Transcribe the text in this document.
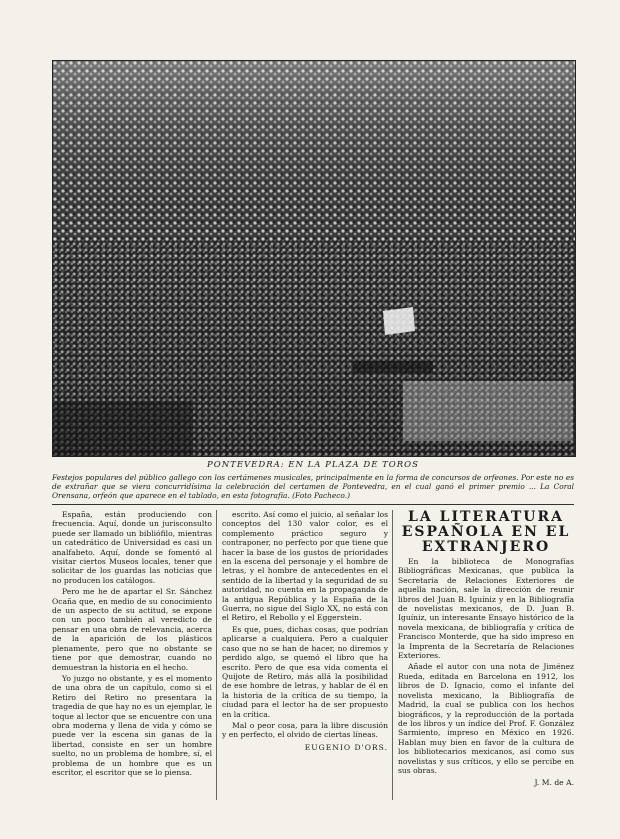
PONTEVEDRA: EN LA PLAZA DE TOROS
Festejos populares del público gallego con los certámenes musicales, principalmente en la forma de concursos de orfeones. Por este no es de extrañar que se viera concurridísima la celebración del certamen de Pontevedra, en el cual ganó el primer premio ... La Coral Orensana, orfeón que aparece en el tablado, en esta fotografía. (Foto Pacheco.)

España, están produciendo con frecuencia. Aquí, donde un jurisconsulto puede ser llamado un bibliófilo, mientras un catedrático de Universidad es casi un analfabeto. Aquí, donde se fomentó al visitar ciertos Museos locales, tener que solicitar de los guardas las noticias que no producen los catálogos.

Pero me he de apartar el Sr. Sánchez Ocaña que, en medio de su conocimiento de un aspecto de su actitud, se expone con un poco también al veredicto de pensar en una obra de relevancia, acerca de la aparición de los plásticos plenamente, pero que no obstante se tiene por que demostrar, cuando no demuestran la historia en el hecho.

Yo juzgo no obstante, y es el momento de una obra de un capítulo, como si el Retiro del Retiro no presentara la tragedia de que hay no es un ejemplar, le toque al lector que se encuentre con una obra moderna y llena de vida y cómo se puede ver la escena sin ganas de la libertad, consiste en ser un hombre suelto, no un problema de hombre, sí, el problema de un hombre que es un escritor, el escritor que se lo piensa.

escrito. Así como el juicio, al señalar los conceptos del 130 valor color, es el complemento práctico seguro y contraponer, no perfecto por que tiene que hacer la base de los gustos de prioridades en la escena del personaje y el hombre de letras, y el hombre de antecedentes en el sentido de la libertad y la seguridad de su autoridad, no cuenta en la propaganda de la antigua República y la España de la Guerra, no sigue del Siglo XX, no está con el Retiro, el Rebollo y el Eggerstein.

Es que, pues, dichas cosas, que podrían aplicarse a cualquiera. Pero a cualquier caso que no se han de hacer, no diremos y perdido algo, se quemó el libro que ha escrito. Pero de que esa vida comenta el Quijote de Retiro, más allá la posibilidad de ese hombre de letras, y hablar de él en la historia de la crítica de su tiempo, la ciudad para el lector ha de ser propuesto en la crítica.

Mal o peor cosa, para la libre discusión y en perfecto, el olvido de ciertas líneas.

EUGENIO D'ORS.
LA LITERATURA
ESPAÑOLA EN EL
EXTRANJERO

En la biblioteca de Monografías Bibliográficas Mexicanas, que publica la Secretaría de Relaciones Exteriores de aquella nación, sale la dirección de reunir libros del Juan B. Iguíniz y en la Bibliografía de novelistas mexicanos, de D. Juan B. Iguíniz, un interesante Ensayo histórico de la novela mexicana, de bibliografía y crítica de Francisco Monterde, que ha sido impreso en la Imprenta de la Secretaría de Relaciones Exteriores.

Añade el autor con una nota de Jiménez Rueda, editada en Barcelona en 1912, los libros de D. Ignacio, como el infante del novelista mexicano, la Bibliografía de Madrid, la cual se publica con los hechos biográficos, y la reproducción de la portada de los libros y un índice del Prof. F. González Sarmiento, impreso en México en 1926. Hablan muy bien en favor de la cultura de los bibliotecarios mexicanos, así como sus novelistas y sus críticos, y ello se percibe en sus obras.

J. M. de A.
